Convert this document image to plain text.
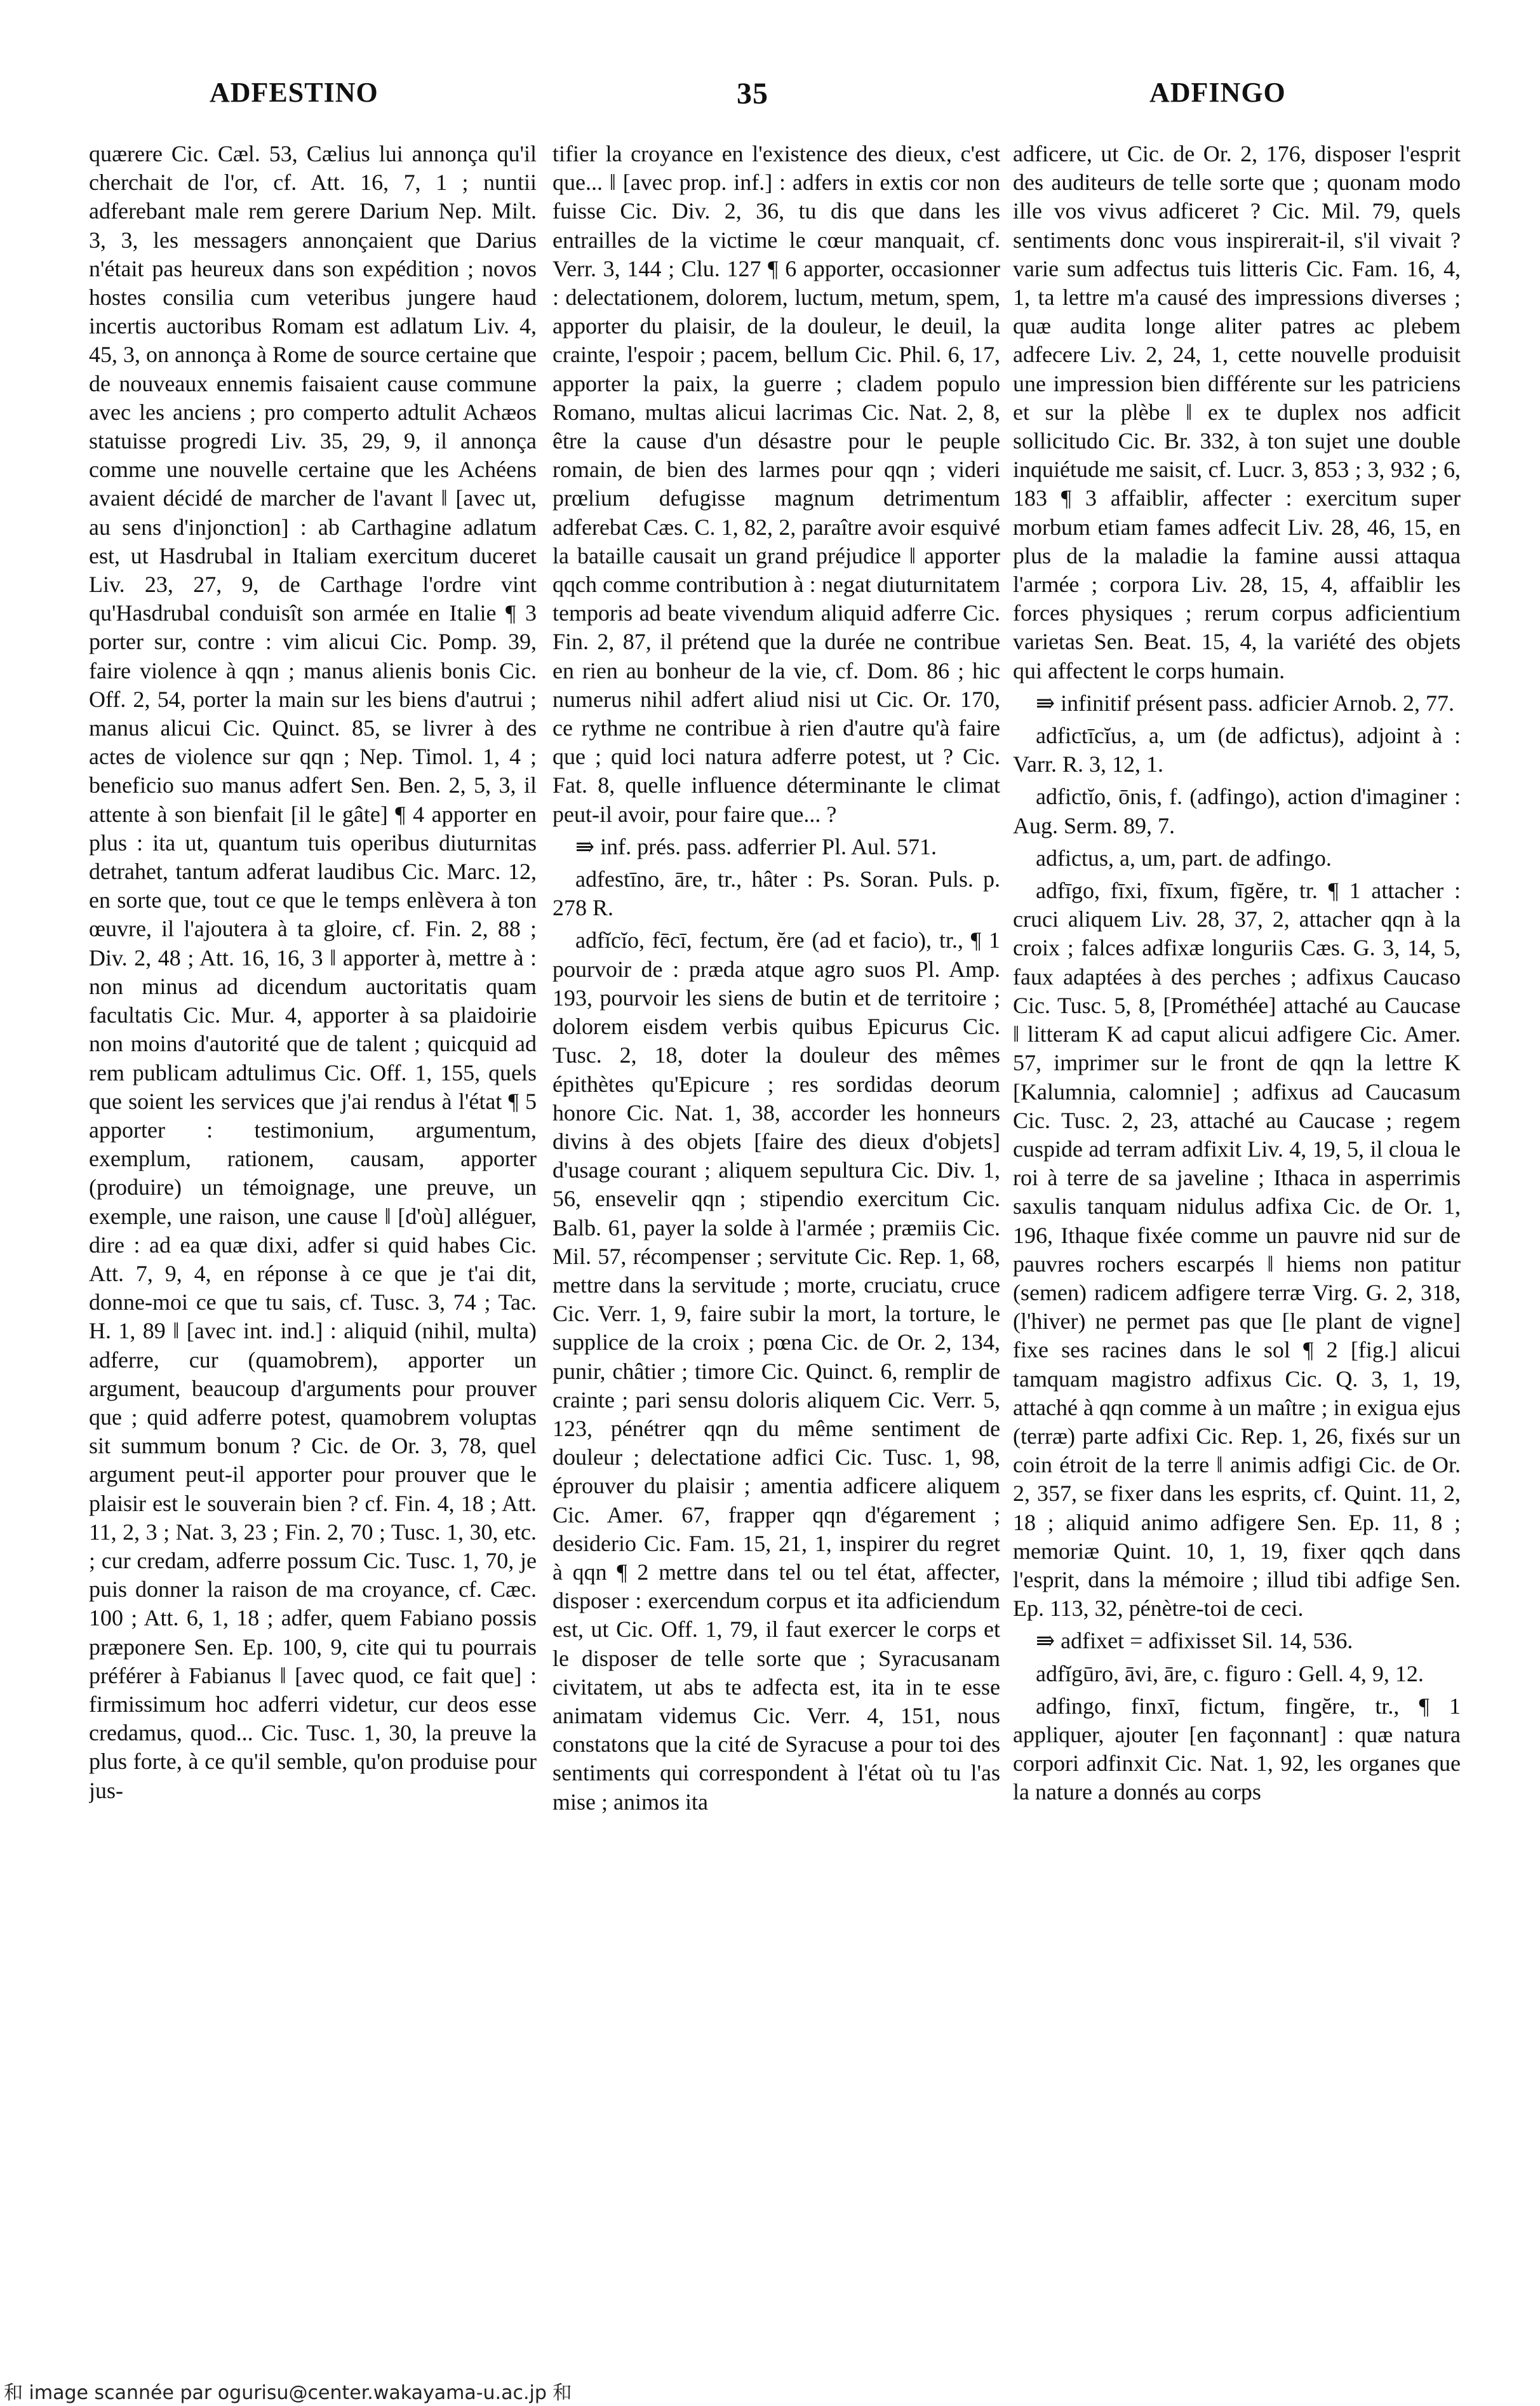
ADFESTINO	35	ADFINGO

quærere Cic. Cæl. 53, Cælius lui annonça qu'il cherchait de l'or, cf. Att. 16, 7, 1 ; nuntii adferebant male rem gerere Darium Nep. Milt. 3, 3, les messagers annonçaient que Darius n'était pas heureux dans son expédition ; novos hostes consilia cum veteribus jungere haud incertis auctoribus Romam est adlatum Liv. 4, 45, 3, on annonça à Rome de source certaine que de nouveaux ennemis faisaient cause commune avec les anciens ; pro comperto adtulit Achæos statuisse progredi Liv. 35, 29, 9, il annonça comme une nouvelle certaine que les Achéens avaient décidé de marcher de l'avant ‖ [avec ut, au sens d'injonction] : ab Carthagine adlatum est, ut Hasdrubal in Italiam exercitum duceret Liv. 23, 27, 9, de Carthage l'ordre vint qu'Hasdrubal conduisît son armée en Italie ¶ 3 porter sur, contre : vim alicui Cic. Pomp. 39, faire violence à qqn ; manus alienis bonis Cic. Off. 2, 54, porter la main sur les biens d'autrui ; manus alicui Cic. Quinct. 85, se livrer à des actes de violence sur qqn ; Nep. Timol. 1, 4 ; beneficio suo manus adfert Sen. Ben. 2, 5, 3, il attente à son bienfait [il le gâte] ¶ 4 apporter en plus : ita ut, quantum tuis operibus diuturnitas detrahet, tantum adferat laudibus Cic. Marc. 12, en sorte que, tout ce que le temps enlèvera à ton œuvre, il l'ajoutera à ta gloire, cf. Fin. 2, 88 ; Div. 2, 48 ; Att. 16, 16, 3 ‖ apporter à, mettre à : non minus ad dicendum auctoritatis quam facultatis Cic. Mur. 4, apporter à sa plaidoirie non moins d'autorité que de talent ; quicquid ad rem publicam adtulimus Cic. Off. 1, 155, quels que soient les services que j'ai rendus à l'état ¶ 5 apporter : testimonium, argumentum, exemplum, rationem, causam, apporter (produire) un témoignage, une preuve, un exemple, une raison, une cause ‖ [d'où] alléguer, dire : ad ea quæ dixi, adfer si quid habes Cic. Att. 7, 9, 4, en réponse à ce que je t'ai dit, donne-moi ce que tu sais, cf. Tusc. 3, 74 ; Tac. H. 1, 89 ‖ [avec int. ind.] : aliquid (nihil, multa) adferre, cur (quamobrem), apporter un argument, beaucoup d'arguments pour prouver que ; quid adferre potest, quamobrem voluptas sit summum bonum ? Cic. de Or. 3, 78, quel argument peut-il apporter pour prouver que le plaisir est le souverain bien ? cf. Fin. 4, 18 ; Att. 11, 2, 3 ; Nat. 3, 23 ; Fin. 2, 70 ; Tusc. 1, 30, etc. ; cur credam, adferre possum Cic. Tusc. 1, 70, je puis donner la raison de ma croyance, cf. Cæc. 100 ; Att. 6, 1, 18 ; adfer, quem Fabiano possis præponere Sen. Ep. 100, 9, cite qui tu pourrais préférer à Fabianus ‖ [avec quod, ce fait que] : firmissimum hoc adferri videtur, cur deos esse credamus, quod... Cic. Tusc. 1, 30, la preuve la plus forte, à ce qu'il semble, qu'on produise pour jus-

tifier la croyance en l'existence des dieux, c'est que... ‖ [avec prop. inf.] : adfers in extis cor non fuisse Cic. Div. 2, 36, tu dis que dans les entrailles de la victime le cœur manquait, cf. Verr. 3, 144 ; Clu. 127 ¶ 6 apporter, occasionner : delectationem, dolorem, luctum, metum, spem, apporter du plaisir, de la douleur, le deuil, la crainte, l'espoir ; pacem, bellum Cic. Phil. 6, 17, apporter la paix, la guerre ; cladem populo Romano, multas alicui lacrimas Cic. Nat. 2, 8, être la cause d'un désastre pour le peuple romain, de bien des larmes pour qqn ; videri prœlium defugisse magnum detrimentum adferebat Cæs. C. 1, 82, 2, paraître avoir esquivé la bataille causait un grand préjudice ‖ apporter qqch comme contribution à : negat diuturnitatem temporis ad beate vivendum aliquid adferre Cic. Fin. 2, 87, il prétend que la durée ne contribue en rien au bonheur de la vie, cf. Dom. 86 ; hic numerus nihil adfert aliud nisi ut Cic. Or. 170, ce rythme ne contribue à rien d'autre qu'à faire que ; quid loci natura adferre potest, ut ? Cic. Fat. 8, quelle influence déterminante le climat peut-il avoir, pour faire que... ?

⇛ inf. prés. pass. adferrier Pl. Aul. 571.

adfestīno, āre, tr., hâter : Ps. Soran. Puls. p. 278 R.

adfĭcĭo, fēcī, fectum, ĕre (ad et facio), tr., ¶ 1 pourvoir de : præda atque agro suos Pl. Amp. 193, pourvoir les siens de butin et de territoire ; dolorem eisdem verbis quibus Epicurus Cic. Tusc. 2, 18, doter la douleur des mêmes épithètes qu'Epicure ; res sordidas deorum honore Cic. Nat. 1, 38, accorder les honneurs divins à des objets [faire des dieux d'objets] d'usage courant ; aliquem sepultura Cic. Div. 1, 56, ensevelir qqn ; stipendio exercitum Cic. Balb. 61, payer la solde à l'armée ; præmiis Cic. Mil. 57, récompenser ; servitute Cic. Rep. 1, 68, mettre dans la servitude ; morte, cruciatu, cruce Cic. Verr. 1, 9, faire subir la mort, la torture, le supplice de la croix ; pœna Cic. de Or. 2, 134, punir, châtier ; timore Cic. Quinct. 6, remplir de crainte ; pari sensu doloris aliquem Cic. Verr. 5, 123, pénétrer qqn du même sentiment de douleur ; delectatione adfici Cic. Tusc. 1, 98, éprouver du plaisir ; amentia adficere aliquem Cic. Amer. 67, frapper qqn d'égarement ; desiderio Cic. Fam. 15, 21, 1, inspirer du regret à qqn ¶ 2 mettre dans tel ou tel état, affecter, disposer : exercendum corpus et ita adficiendum est, ut Cic. Off. 1, 79, il faut exercer le corps et le disposer de telle sorte que ; Syracusanam civitatem, ut abs te adfecta est, ita in te esse animatam videmus Cic. Verr. 4, 151, nous constatons que la cité de Syracuse a pour toi des sentiments qui correspondent à l'état où tu l'as mise ; animos ita

adficere, ut Cic. de Or. 2, 176, disposer l'esprit des auditeurs de telle sorte que ; quonam modo ille vos vivus adficeret ? Cic. Mil. 79, quels sentiments donc vous inspirerait-il, s'il vivait ? varie sum adfectus tuis litteris Cic. Fam. 16, 4, 1, ta lettre m'a causé des impressions diverses ; quæ audita longe aliter patres ac plebem adfecere Liv. 2, 24, 1, cette nouvelle produisit une impression bien différente sur les patriciens et sur la plèbe ‖ ex te duplex nos adficit sollicitudo Cic. Br. 332, à ton sujet une double inquiétude me saisit, cf. Lucr. 3, 853 ; 3, 932 ; 6, 183 ¶ 3 affaiblir, affecter : exercitum super morbum etiam fames adfecit Liv. 28, 46, 15, en plus de la maladie la famine aussi attaqua l'armée ; corpora Liv. 28, 15, 4, affaiblir les forces physiques ; rerum corpus adficientium varietas Sen. Beat. 15, 4, la variété des objets qui affectent le corps humain.

⇛ infinitif présent pass. adficier Arnob. 2, 77.

adfictīcĭus, a, um (de adfictus), adjoint à : Varr. R. 3, 12, 1.

adfictĭo, ōnis, f. (adfingo), action d'imaginer : Aug. Serm. 89, 7.

adfictus, a, um, part. de adfingo.

adfīgo, fīxi, fīxum, fīgĕre, tr. ¶ 1 attacher : cruci aliquem Liv. 28, 37, 2, attacher qqn à la croix ; falces adfixæ longuriis Cæs. G. 3, 14, 5, faux adaptées à des perches ; adfixus Caucaso Cic. Tusc. 5, 8, [Prométhée] attaché au Caucase ‖ litteram K ad caput alicui adfigere Cic. Amer. 57, imprimer sur le front de qqn la lettre K [Kalumnia, calomnie] ; adfixus ad Caucasum Cic. Tusc. 2, 23, attaché au Caucase ; regem cuspide ad terram adfixit Liv. 4, 19, 5, il cloua le roi à terre de sa javeline ; Ithaca in asperrimis saxulis tanquam nidulus adfixa Cic. de Or. 1, 196, Ithaque fixée comme un pauvre nid sur de pauvres rochers escarpés ‖ hiems non patitur (semen) radicem adfigere terræ Virg. G. 2, 318, (l'hiver) ne permet pas que [le plant de vigne] fixe ses racines dans le sol ¶ 2 [fig.] alicui tamquam magistro adfixus Cic. Q. 3, 1, 19, attaché à qqn comme à un maître ; in exigua ejus (terræ) parte adfixi Cic. Rep. 1, 26, fixés sur un coin étroit de la terre ‖ animis adfigi Cic. de Or. 2, 357, se fixer dans les esprits, cf. Quint. 11, 2, 18 ; aliquid animo adfigere Sen. Ep. 11, 8 ; memoriæ Quint. 10, 1, 19, fixer qqch dans l'esprit, dans la mémoire ; illud tibi adfige Sen. Ep. 113, 32, pénètre-toi de ceci.

⇛ adfixet = adfixisset Sil. 14, 536.

adfĭgūro, āvi, āre, c. figuro : Gell. 4, 9, 12.

adfingo, finxī, fictum, fingĕre, tr., ¶ 1 appliquer, ajouter [en façonnant] : quæ natura corpori adfinxit Cic. Nat. 1, 92, les organes que la nature a donnés au corps

和 image scannée par ogurisu@center.wakayama-u.ac.jp 和
